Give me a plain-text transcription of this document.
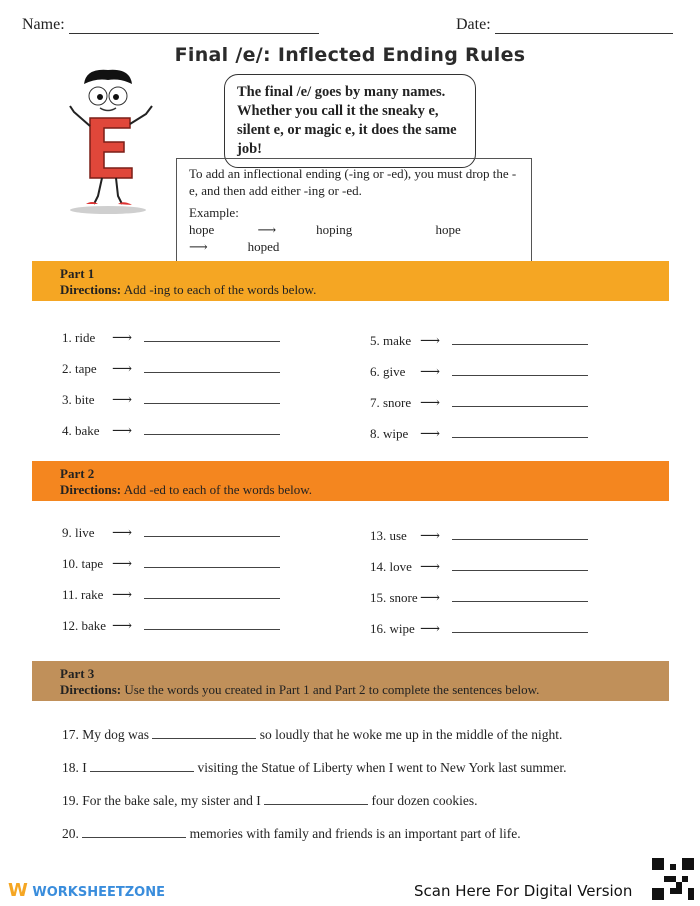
Name:	Date:
Final /e/: Inflected Ending Rules
The final /e/ goes by many names. Whether you call it the sneaky e, silent e, or magic e, it does the same job!
To add an inflectional ending (-ing or -ed), you must drop the -e, and then add either -ing or -ed.
Example:
hope	⟶	hoping	hope ⟶	hoped
Part 1
Directions: Add -ing to each of the words below.
1. ride ⟶
2. tape ⟶
3. bite ⟶
4. bake ⟶
5. make ⟶
6. give ⟶
7. snore ⟶
8. wipe ⟶
Part 2
Directions: Add -ed to each of the words below.
9. live ⟶
10. tape ⟶
11. rake ⟶
12. bake ⟶
13. use ⟶
14. love ⟶
15. snore ⟶
16. wipe ⟶
Part 3
Directions: Use the words you created in Part 1 and Part 2 to complete the sentences below.
17. My dog was	so loudly that he woke me up in the middle of the night.
18. I	visiting the Statue of Liberty when I went to New York last summer.
19. For the bake sale, my sister and I	four dozen cookies.
20.	memories with family and friends is an important part of life.
W WORKSHEETZONE	Scan Here For Digital Version
